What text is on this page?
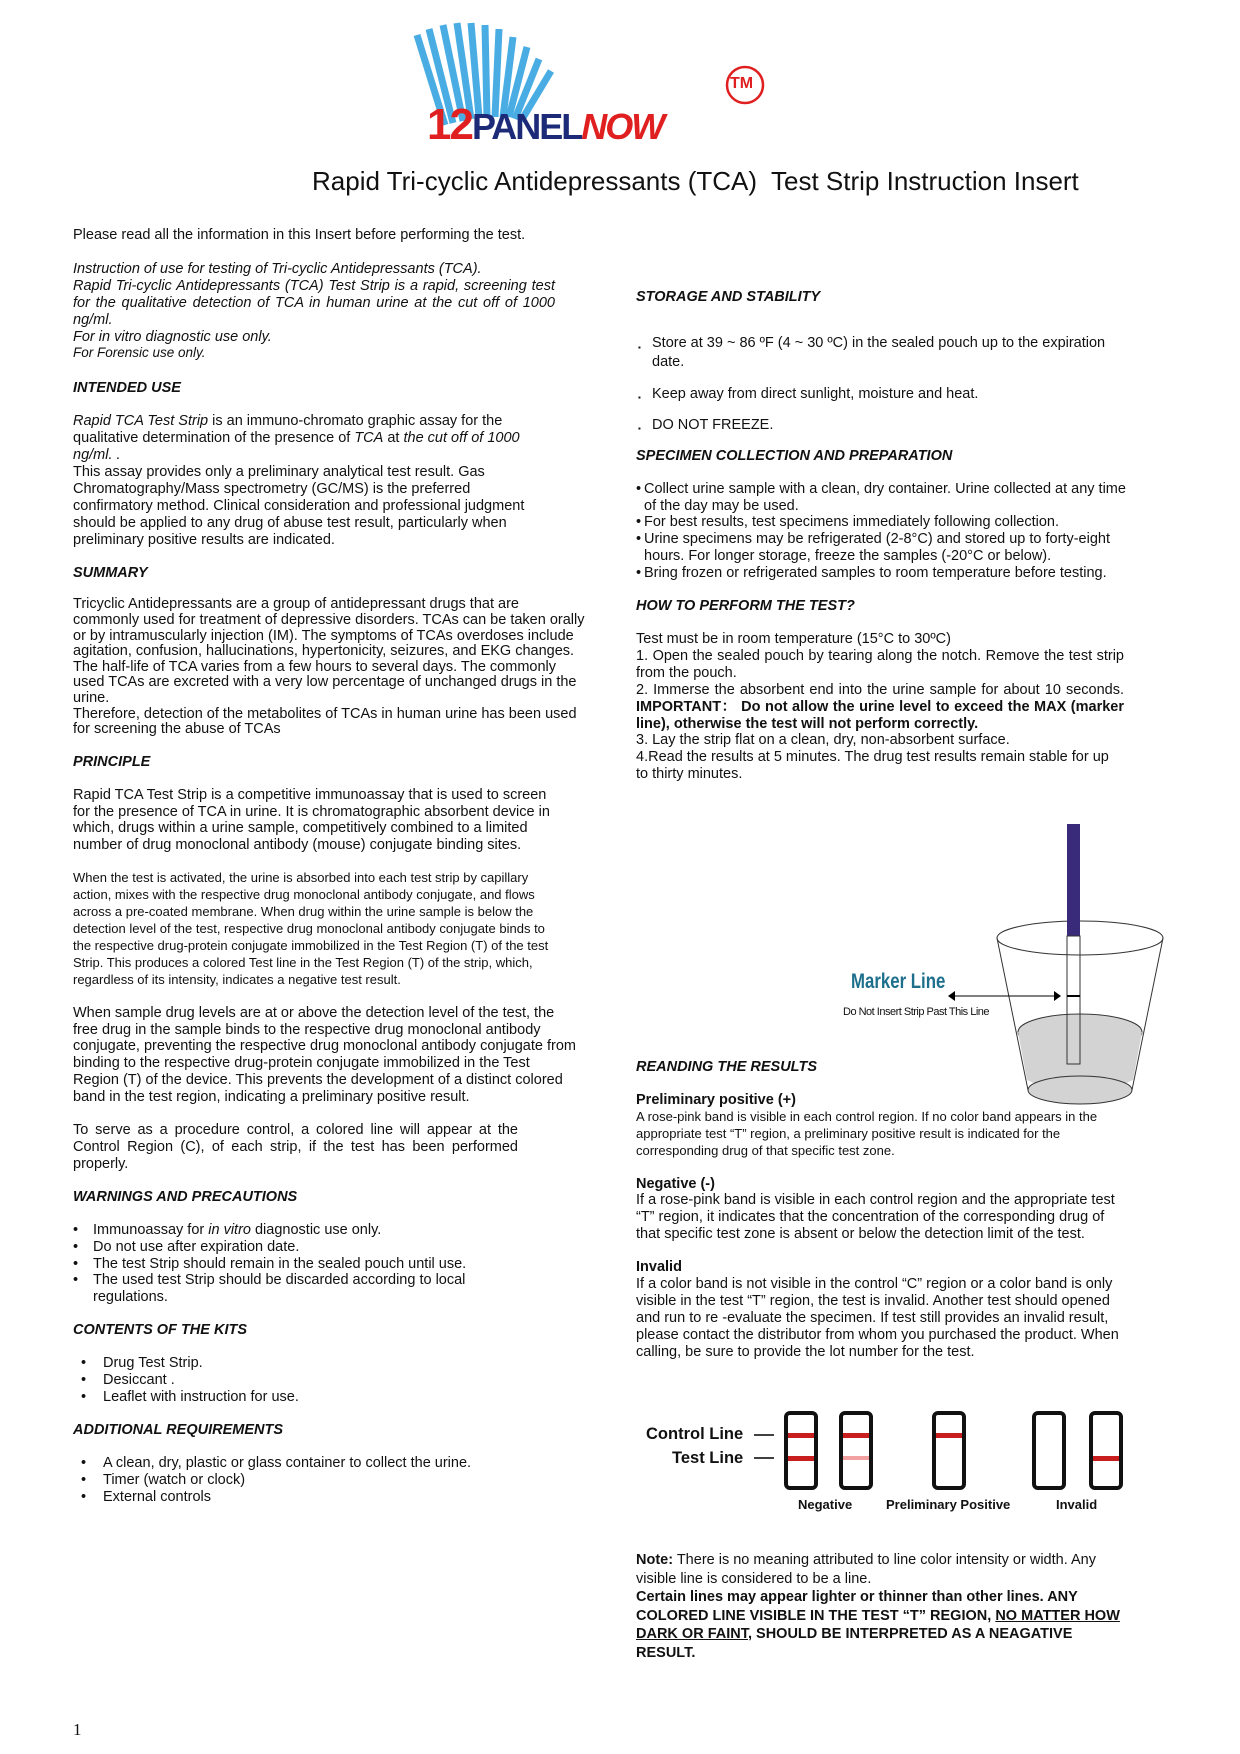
TM
12PANELNOW
Rapid Tri-cyclic Antidepressants (TCA)  Test Strip Instruction Insert

Please read all the information in this Insert before performing the test.

Instruction of use for testing of Tri-cyclic Antidepressants (TCA).

Rapid Tri-cyclic Antidepressants (TCA) Test Strip is a rapid, screening test for the qualitative detection of TCA in human urine at the cut off of 1000 ng/ml.

For in vitro diagnostic use only.

For Forensic use only.

INTENDED USE

Rapid TCA Test Strip is an immuno-chromato graphic assay for the qualitative determination of the presence of TCA at the cut off of 1000 ng/ml. .

This assay provides only a preliminary analytical test result. Gas Chromatography/Mass spectrometry (GC/MS) is the preferred confirmatory method. Clinical consideration and professional judgment should be applied to any drug of abuse test result, particularly when preliminary positive results are indicated.

SUMMARY

Tricyclic Antidepressants are a group of antidepressant drugs that are commonly used for treatment of depressive disorders. TCAs can be taken orally or by intramuscularly injection (IM). The symptoms of TCAs overdoses include agitation, confusion, hallucinations, hypertonicity, seizures, and EKG changes. The half-life of TCA varies from a few hours to several days. The commonly used TCAs are excreted with a very low percentage of unchanged drugs in the urine.

Therefore, detection of the metabolites of TCAs in human urine has been used for screening the abuse of TCAs

PRINCIPLE

Rapid TCA Test Strip is a competitive immunoassay that is used to screen for the presence of TCA in urine. It is chromatographic absorbent device in which, drugs within a urine sample, competitively combined to a limited number of drug monoclonal antibody (mouse) conjugate binding sites.

When the test is activated, the urine is absorbed into each test strip by capillary action, mixes with the respective drug monoclonal antibody conjugate, and flows across a pre-coated membrane. When drug within the urine sample is below the detection level of the test, respective drug monoclonal antibody conjugate binds to the respective drug-protein conjugate immobilized in the Test Region (T) of the test Strip. This produces a colored Test line in the Test Region (T) of the strip, which, regardless of its intensity, indicates a negative test result.

When sample drug levels are at or above the detection level of the test, the free drug in the sample binds to the respective drug monoclonal antibody conjugate, preventing the respective drug monoclonal antibody conjugate from binding to the respective drug-protein conjugate immobilized in the Test Region (T) of the device. This prevents the development of a distinct colored band in the test region, indicating a preliminary positive result.

To serve as a procedure control, a colored line will appear at the Control Region (C), of each strip, if the test has been performed properly.

WARNINGS AND PRECAUTIONS

• Immunoassay for in vitro diagnostic use only.
• Do not use after expiration date.
• The test Strip should remain in the sealed pouch until use.
• The used test Strip should be discarded according to local regulations.

CONTENTS OF THE KITS

• Drug Test Strip.
• Desiccant .
• Leaflet with instruction for use.

ADDITIONAL REQUIREMENTS

• A clean, dry, plastic or glass container to collect the urine.
• Timer (watch or clock)
• External controls
1

STORAGE AND STABILITY

▪ Store at 39 ~ 86 ºF (4 ~ 30 ºC) in the sealed pouch up to the expiration date.
▪ Keep away from direct sunlight, moisture and heat.
▪ DO NOT FREEZE.

SPECIMEN COLLECTION AND PREPARATION

• Collect urine sample with a clean, dry container. Urine collected at any time of the day may be used.
• For best results, test specimens immediately following collection.
• Urine specimens may be refrigerated (2-8°C) and stored up to forty-eight hours. For longer storage, freeze the samples (-20°C or below).
• Bring frozen or refrigerated samples to room temperature before testing.

HOW TO PERFORM THE TEST?

Test must be in room temperature (15°C to 30ºC)

1. Open the sealed pouch by tearing along the notch. Remove the test strip from the pouch.

2. Immerse the absorbent end into the urine sample for about 10 seconds. IMPORTANT： Do not allow the urine level to exceed the MAX (marker line), otherwise the test will not perform correctly.

3. Lay the strip flat on a clean, dry, non-absorbent surface.

4.Read the results at 5 minutes. The drug test results remain stable for up to thirty minutes.

Marker Line
Do Not Insert Strip Past This Line

REANDING THE RESULTS

Preliminary positive (+)

A rose-pink band is visible in each control region. If no color band appears in the appropriate test “T” region, a preliminary positive result is indicated for the corresponding drug of that specific test zone.

Negative (-)

If a rose-pink band is visible in each control region and the appropriate test “T” region, it indicates that the concentration of the corresponding drug of that specific test zone is absent or below the detection limit of the test.

Invalid

If a color band is not visible in the control “C” region or a color band is only visible in the test “T” region, the test is invalid. Another test should opened and run to re -evaluate the specimen. If test still provides an invalid result, please contact the distributor from whom you purchased the product. When calling, be sure to provide the lot number for the test.

Control Line
Test Line
Negative	Preliminary Positive	Invalid

Note: There is no meaning attributed to line color intensity or width. Any visible line is considered to be a line.

Certain lines may appear lighter or thinner than other lines. ANY COLORED LINE VISIBLE IN THE TEST “T” REGION, NO MATTER HOW DARK OR FAINT, SHOULD BE INTERPRETED AS A NEAGATIVE RESULT.
